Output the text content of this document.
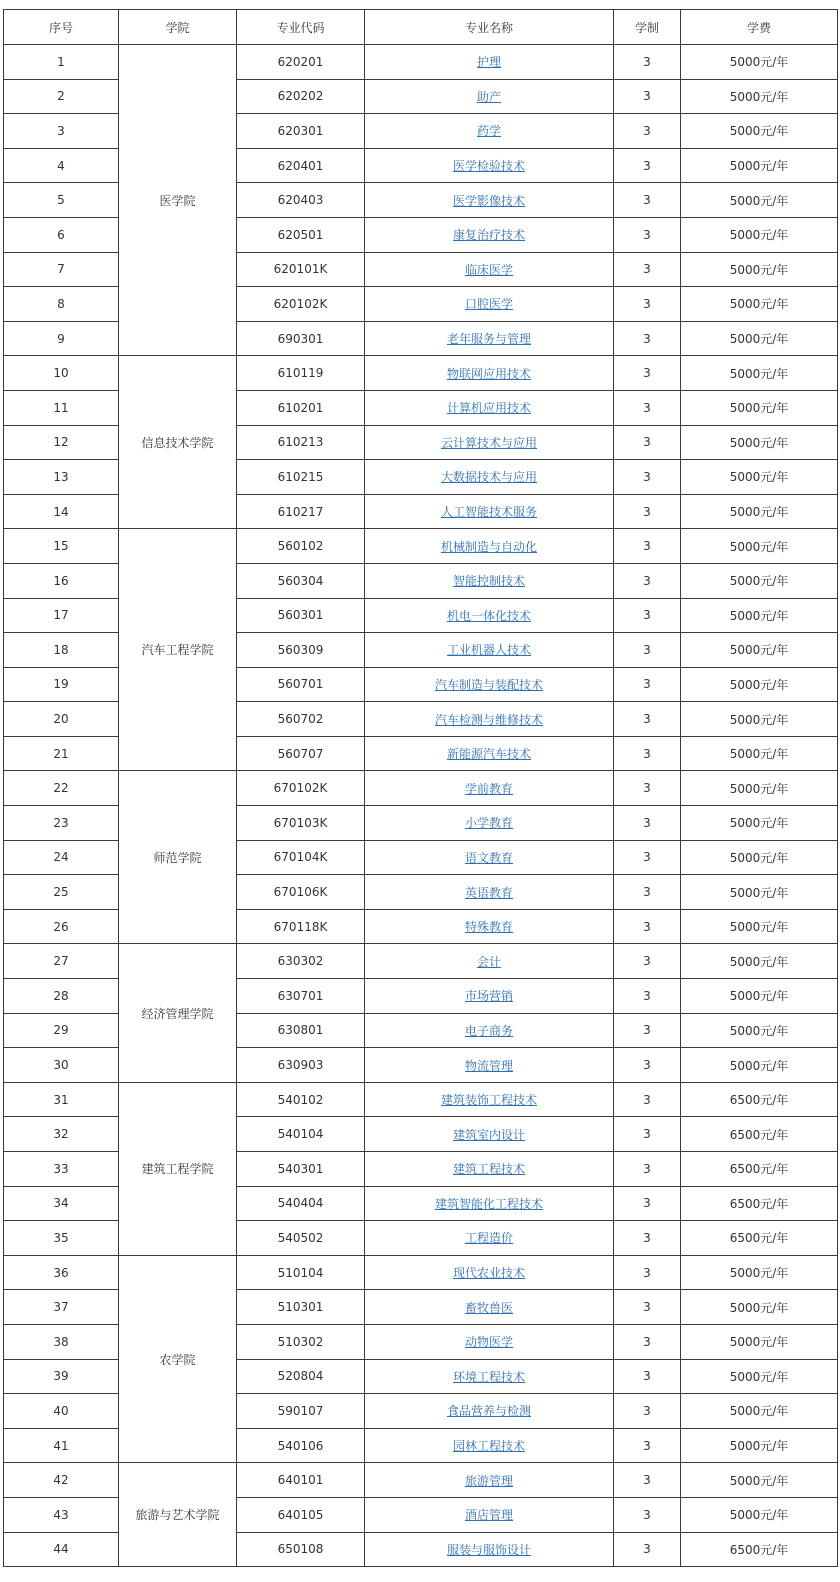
序号	学院	专业代码	专业名称	学制	学费
1	医学院	620201	护理	3	5000元/年
2		620202	助产	3	5000元/年
3		620301	药学	3	5000元/年
4		620401	医学检验技术	3	5000元/年
5		620403	医学影像技术	3	5000元/年
6		620501	康复治疗技术	3	5000元/年
7		620101K	临床医学	3	5000元/年
8		620102K	口腔医学	3	5000元/年
9		690301	老年服务与管理	3	5000元/年
10	信息技术学院	610119	物联网应用技术	3	5000元/年
11		610201	计算机应用技术	3	5000元/年
12		610213	云计算技术与应用	3	5000元/年
13		610215	大数据技术与应用	3	5000元/年
14		610217	人工智能技术服务	3	5000元/年
15	汽车工程学院	560102	机械制造与自动化	3	5000元/年
16		560304	智能控制技术	3	5000元/年
17		560301	机电一体化技术	3	5000元/年
18		560309	工业机器人技术	3	5000元/年
19		560701	汽车制造与装配技术	3	5000元/年
20		560702	汽车检测与维修技术	3	5000元/年
21		560707	新能源汽车技术	3	5000元/年
22	师范学院	670102K	学前教育	3	5000元/年
23		670103K	小学教育	3	5000元/年
24		670104K	语文教育	3	5000元/年
25		670106K	英语教育	3	5000元/年
26		670118K	特殊教育	3	5000元/年
27	经济管理学院	630302	会计	3	5000元/年
28		630701	市场营销	3	5000元/年
29		630801	电子商务	3	5000元/年
30		630903	物流管理	3	5000元/年
31	建筑工程学院	540102	建筑装饰工程技术	3	6500元/年
32		540104	建筑室内设计	3	6500元/年
33		540301	建筑工程技术	3	6500元/年
34		540404	建筑智能化工程技术	3	6500元/年
35		540502	工程造价	3	6500元/年
36	农学院	510104	现代农业技术	3	5000元/年
37		510301	畜牧兽医	3	5000元/年
38		510302	动物医学	3	5000元/年
39		520804	环境工程技术	3	5000元/年
40		590107	食品营养与检测	3	5000元/年
41		540106	园林工程技术	3	5000元/年
42	旅游与艺术学院	640101	旅游管理	3	5000元/年
43		640105	酒店管理	3	5000元/年
44		650108	服装与服饰设计	3	6500元/年
